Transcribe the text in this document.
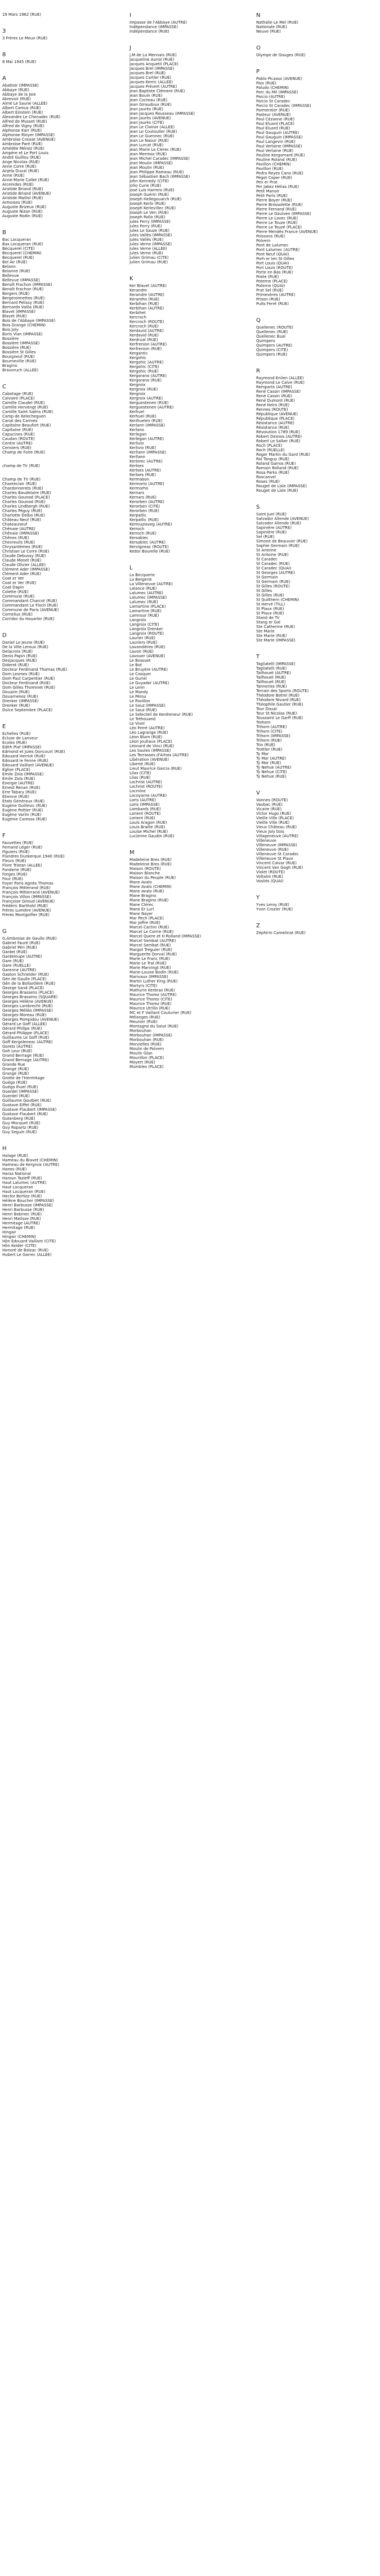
19 Mars 1962 (RUE)
3
3 Frères Le Meux (RUE)
8
8 Mai 1945 (RUE)
A
Abattoir (IMPASSE)
Abbaye (RUE)
Abbaye de la Joie
Abrevoir (RUE)
Aimé Le Saune (ALLÉE)
Albert Camus (RUE)
Albert Einstein (RUE)
Alexandre Le Chenadec (RUE)
Alfred de Musset (RUE)
Alfred de Vigny (RUE)
Alphonse Karr (RUE)
Alphonse Rioyer (IMPASSE)
Ambroise Croizat (AVENUE)
Ambroise Paré (RUE)
Amédée Ménez (RUE)
Ampère et Le Port Louis
André Guillou (RUE)
Ange Nicolas (RUE)
Anne Corre (RUE)
Anjela Duval (RUE)
Anne (RUE)
Anne-Marie Collet (RUE)
Arcenides (RUE)
Aristide Briand (RUE)
Aristide Briand (AVENUE)
Aristide Maillol (RUE)
Armoises (RUE)
Auguste Brizeux (RUE)
Auguste Nizan (RUE)
Auguste Rodin (RUE)
B
Bac Locqueran
Bas Locqueran (RUE)
Bécquerel (CITÉ)
Becquerel (CHEMIN)
Becquerel (RUE)
Bel Air (RUE)
Belann
Belanne (RUE)
Bellevue
Bellevue (IMPASSE)
Benoît Frachon (IMPASSE)
Benoît Frachon (RUE)
Bergers (RUE)
Bergeronnettes (RUE)
Bernard Pelissy (RUE)
Bernardo Vallia (RUE)
Blavet (IMPASSE)
Blavet (RUE)
Bois de l'Abbaye (IMPASSE)
Bois Grange (CHEMIN)
Bois Joly
Boris Vian (IMPASSE)
Bossière
Bossière (IMPASSE)
Bossière (RUE)
Bossière St Gilles
Bourgneuf (RUE)
Bourneville (RUE)
Bragino
Bravoruch (ALLÉE)
C
Cabotage (RUE)
Calvaire (PLACE)
Camille Claudel (RUE)
Camille Hervengt (RUE)
Camille Saint Saëns (RUE)
Camp de Kelecheguen
Canal des Carmes
Capitaine Beaufort (RUE)
Capitaine (RUE)
Capucines (RUE)
Caudan (ROUTE)
Centre (AUTRE)
Cerisiers (RUE)
Champ de Foire (RUE)
champ de Tir (RUE)
Champ de Tir (RUE)
Chanteclair (RUE)
Chardonnerets (RUE)
Charles Baudelaire (RUE)
Charles Gounod (PLACE)
Charles Gounod (RUE)
Charles Lindbergh (RUE)
Charles Péguy (RUE)
Charlotte Delbo (RUE)
Château Neuf (RUE)
Chateauneuf
Chênaie (AUTRE)
Chênaie (IMPASSE)
Chênes (RUE)
Chevreuils (RUE)
Chrysantèmes (RUE)
Christian Le Corre (RUE)
Claude Debussy (RUE)
Claude Monet (RUE)
Claude Olivier (ALLÉE)
Clément Ader (IMPASSE)
Clément Ader (RUE)
Coat er Ver
Coat er Ver (RUE)
Coat Dapin
Colette (RUE)
Commune (RUE)
Commandant Charcot (RUE)
Commandant Le Floch (RUE)
Commune de Paris (AVENUE)
Cornelius (RUE)
Corridor du Houarler (RUE)
D
Daniel Le Jeune (RUE)
De la Ville Leroux (RUE)
Delacroix (RUE)
Denis Papin (RUE)
Desjacques (RUE)
Diderot (RUE)
Docteur Ferdinand Thomas (RUE)
Dom Lesmes (RUE)
Dom Paul Carpentier (RUE)
Docteur Ferdinand (RUE)
Dom Gilles Thominet (RUE)
Douaire (RUE)
Douarnenez (RUE)
Drenker (IMPASSE)
Drenker (RUE)
Dulce Septembre (PLACE)
E
Echelles (RUE)
Ecluse de Lanveur
Écoles (RUE)
Édith Piaf (IMPASSE)
Edmond et Jules Goncourt (RUE)
Édouard Herriot (RUE)
Édouard le Fenne (RUE)
Édouard Vaillant (AVENUE)
Église (PLACE)
Émile Zola (IMPASSE)
Émile Zola (RUE)
Énergie (AUTRE)
Ernest Renan (RUE)
Erre Tabary (RUE)
Étienne (RUE)
États Généraux (RUE)
Eugène Guillevic (RUE)
Eugène Pottier (RUE)
Eugène Varlin (RUE)
Eugénie Caressa (RUE)
F
Fauvettes (RUE)
Fernand Léger (RUE)
Figuiers (RUE)
Flandres Dunkerque 1940 (RUE)
Fleurs (RUE)
Flore Tristan (ALLÉE)
Fonderie (RUE)
Forges (RUE)
Four (RUE)
Foyer Paris Agnès Thomas
François Mitterand (RUE)
François Mitterrand (AVENUE)
François Villon (IMPASSE)
Françoise Giroud (AVENUE)
Frédéric Barthold (RUE)
Frères Lumière (AVENUE)
Frères Montgolfier (RUE)
G
G.Ambroise de Gaulle (RUE)
Gabriel Fauré (RUE)
Gabriel Péri (RUE)
Gardel (RUE)
Gardeloupe (AUTRE)
Gare (RUE)
Gare (RUELLE)
Garenne (AUTRE)
Gaston Schneider (RUE)
Gén de Gaulle (PLACE)
Gén de la Bollardière (RUE)
George Sand (PLACE)
Georges Brassens (PLACE)
Georges Brassens (SQUARE)
Georges Hélène (AVENUE)
Georges Lambrecht (RUE)
Georges Méliès (IMPASSE)
Georges Moreau (RUE)
Georges Pompidou (AVENUE)
Gérard Le Goff (ALLÉE)
Gérard Philipe (RUE)
Gérard Philippe (PLACE)
Guillaume Le Goff (RUE)
Goff Kergoleneac (AUTRE)
Gorets (AUTRE)
Goh Leur (RUE)
Grand Bernage (RUE)
Grand Bernage (AUTRE)
Grande Rue
Grange (RUE)
Grange (RUE)
Grotte de l'Hermitage
Guégo (RUE)
Guégo Ihuel (RUE)
Guerdel (IMPASSE)
Guerdel (RUE)
Guillaume Goutbet (RUE)
Gustave Eiffel (RUE)
Gustave Flaubert (IMPASSE)
Gustave Flaubert (RUE)
Gutenberg (RUE)
Guy Mocquet (RUE)
Guy Ropartz (RUE)
Guy Seguin (RUE)
H
Halage (RUE)
Hameau du Blavet (CHEMIN)
Hameau de Kergroix (AUTRE)
Hanes (RUE)
Haras National
Haroun Tazieff (RUE)
Haut Lalumec (AUTRE)
Haut Locqueran
Haut Locqueran (RUE)
Hector Berlioz (RUE)
Hélène Boucher (IMPASSE)
Henri Barbusse (IMPASSE)
Henri Barbusse (RUE)
Henri Bobinec (RUE)
Henri Matisse (RUE)
Hermitage (AUTRE)
Hermitage (RUE)
Hingair
Hingair (CHEMIN)
Hôn Édouard Vaillant (CITÉ)
Hôn Keider (CITÉ)
Honoré de Balzac (RUE)
Hubert Le Garrec (ALLÉE)
I
Impasse de l'Abbaye (AUTRE)
Indépendance (IMPASSE)
Indépendance (RUE)
J
J.M de La Mennais (RUE)
Jacqueline Auriol (RUE)
Jacques Anquetil (PLACE)
Jacques Brel (IMPASSE)
Jacques Brel (RUE)
Jacques Cartier (RUE)
Jacques Kerric (ALLÉE)
Jacques Prévert (AUTRE)
Jean Baptiste Clément (RUE)
Jean Bouin (RUE)
Jean Cocteau (RUE)
Jean Giraudoux (RUE)
Jean Jaurès (RUE)
Jean Jacques Rousseau (IMPASSE)
Jean Jaurès (AVENUE)
Jean Jaurès (CITÉ)
Jean Le Clainor (ALLÉE)
Jean Le Coutouller (RUE)
Jean Le Guennec (RUE)
Jean Le Naour (RUE)
Jean Lurcat (RUE)
Jean Marie Le Clerec (RUE)
Jean Mermoz (RUE)
Jean Michel Caradec (IMPASSE)
Jean Moulin (IMPASSE)
Jean Moulin (RUE)
Jean Philippe Rameau (RUE)
Jean Sébastien Bach (IMPASSE)
John Kennedy (CITÉ)
Jolio Curie (RUE)
José Luis Harrero (RUE)
Joseph Guérin (RUE)
Joseph Hellegouarch (RUE)
Joseph Kerlo (RUE)
Joseph Kerlevillec (RUE)
Joseph Le Ven (RUE)
Joseph Rollo (RUE)
Jules Ferry (IMPASSE)
Jules Ferry (RUE)
Jules Le Sauze (RUE)
Jules Vallès (IMPASSE)
Jules Vallès (RUE)
Jules Verne (IMPASSE)
Jules Verne (ALLÉE)
Jules Verne (RUE)
Julien Grimau (CITÉ)
Julien Grimau (RUE)
K
Ker Blavet (AUTRE)
Kerandre
Kerandre (AUTRE)
Kerantho (RUE)
Kerbihan (RUE)
Kerbihan (AUTRE)
Kerbihet
Kercroch
Kercroch (ROUTE)
Kercroch (RUE)
Kerdavid (AUTRE)
Kerdavid (RUE)
Kerdrual (RUE)
Kerfrenion (AUTRE)
Kerfrenion (RUE)
Kergantic
Kergohic
Kergohic (AUTRE)
Kergohic (CITÉ)
Kergohic (RUE)
Kergorano (AUTRE)
Kergorano (RUE)
Kergroix
Kergroix (RUE)
Kergroix
Kergroix (AUTRE)
Kerguestenen (RUE)
Kerguestenen (AUTRE)
Kerhuel
Kerhuel (RUE)
Kerihuelen (RUE)
Kerlann (IMPASSE)
Kerlano
Kerlegan
Kerlegan (AUTRE)
Kerlivio
Kerlivio (RUE)
Kerllann (IMPASSE)
Kerllann
Kerlorec (AUTRE)
Kerloes
Kerloes (AUTRE)
Kerloes (RUE)
Kermabon
Kermorio (AUTRE)
Kermorho
Kernars
Kernars (RUE)
Kerorben (AUTRE)
Kerorben (CITÉ)
Kerorben (RUE)
Kerpatlic
Kerpatlic (RUE)
Kerrouziaveg (AUTRE)
Kerroch
Kerroch (RUE)
Kersabiec
Kersabiec (AUTRE)
Kervigneac (ROUTE)
Kedor Bourelle (RUE)
L
La Becquerie
La Bergerie
La Villeneuve (AUTRE)
Lalance (RUE)
Lalumec (AUTRE)
Lalumec (IMPASSE)
Lalumec (RUE)
Lamartine (PLACE)
Lamartine (RUE)
Lamnour (RUE)
Langroix
Langroix (CITÉ)
Langroix Drenker
Langroix (ROUTE)
Laurier (RUE)
Lauriers (RUE)
Lavandières (RUE)
Lavoir (RUE)
Lavouer (AVENUE)
Le Bossuet
Le Bot
Le Bruyère (AUTRE)
Le Cosquer
Le Guriel
Le Guyader (AUTRE)
Le Lenn
Le Mandy
Le Pérou
Le Pavillon
Le Sauz (IMPASSE)
Le Sauz (RUE)
Le Selecteil de Kerdreneur (RUE)
Le Tréhouand
Le Vivel
Léo Ferré (AUTRE)
Léo Lagrange (RUE)
Léon Blum (RUE)
Léon Jouhaux (PLACE)
Léonard de Vinci (RUE)
Les Saules (IMPASSE)
Les Terrasses d'Artois (AUTRE)
Libération (AVENUE)
Liberté (RUE)
Lieut Maurice Garcia (RUE)
Lilas (CITÉ)
Lilas (RUE)
Lochrist (AUTRE)
Lochrist (ROUTE)
Locmine
Locoyarne (AUTRE)
Loris (AUTRE)
Loris (IMPASSE)
Lombards (RUE)
Lorient (ROUTE)
Lorient (RUE)
Louis Aragon (RUE)
Louis Braille (RUE)
Louise Michel (RUE)
Lucienne Gaudin (RUE)
M
Madeleine Bres (RUE)
Madeleine Bres (RUE)
Maison (ROUTE)
Maison Blanche
Maison du Peuple (RUE)
Mane Avalo
Mane Avalo (CHEMIN)
Mane Avalo (RUE)
Mane Bragino
Mane Bragino (RUE)
Mane Clérec
Mane Er Lurl
Mane Nayer
Mar Pech (PLACE)
Mar Joffre (RUE)
Marcel Cachin (RUE)
Marcel Le Corrre (RUE)
Marcel Quere et H Rolland (IMPASSE)
Marcel Sembat (AUTRE)
Marcel Sembat (RUE)
Margot Tréguier (RUE)
Marguerite Dorval (RUE)
Marie Le Franc (RUE)
Marie Le Tral (RUE)
Marie Marvingt (RUE)
Marie-Louise Bodin (RUE)
Marivaux (IMPASSE)
Martin Luther King (RUE)
Martyrs (CITÉ)
Mathurin Kerbras (RUE)
Maurice Thorez (AUTRE)
Maurice Thorez (CITÉ)
Maurice Thorez (RUE)
Maurice Utrillo (RUE)
MC et F Vaillant Couturier (RUE)
Mélanges (RUE)
Meunier (RUE)
Montagne du Salut (RUE)
Morbouhan
Morbouhan (IMPASSE)
Morbouhan (RUE)
Morvielles (RUE)
Moulin de Polvern
Moulin Glan
Mourillon (PLACE)
Moyert (RUE)
Mumbles (PLACE)
N
Nathalie Le Mel (RUE)
Nationale (RUE)
Neuve (RUE)
O
Olympe de Gouges (RUE)
P
Pablo Picasso (AVENUE)
Paix (RUE)
Paludo (CHEMIN)
Parc du Mil (IMPASSE)
Parcio (AUTRE)
Parcio St Caradec
Parcio St Caradec (IMPASSE)
Parmentier (RUE)
Pasteur (AVENUE)
Paul Cézanne (RUE)
Paul Eluard (PLACE)
Paul Eluard (RUE)
Paul Gauguin (AUTRE)
Paul Gauguin (IMPASSE)
Paul Langevin (RUE)
Paul Verlaine (IMPASSE)
Paul Verlaine (RUE)
Pauline Kergomard (RUE)
Pauline Roland (RUE)
Pavillon (CHEMIN)
Pavillon (RUE)
Pedro Reyes Cano (RUE)
Pégot Coper (RUE)
Pen er Prat
Per Jakez Hélias (RUE)
Petit Manoir
Petit Paris (RUE)
Pierre Boyer (RUE)
Pierre Brossolette (RUE)
Pierre Fernand (RUE)
Pierre Le Goulven (IMPASSE)
Pierre Le Lavec (RUE)
Pierre Le Touze (RUE)
Pierre Le Touzé (PLACE)
Pierre Mendès France (AVENUE)
Poissons (RUE)
Polvern
Pont de Lalumec
Pont Lalumec (AUTRE)
Pont Neuf (QUAI)
Porh er Ien St Gilles
Port Louis (QUAI)
Port Louis (ROUTE)
Porte en Bas (RUE)
Poste (RUE)
Poterne (PLACE)
Poterne (QUAI)
Prat Sel (RUE)
Primevères (AUTRE)
Prison (RUE)
Puits Ferré (RUE)
Q
Quellenec (ROUTE)
Quellenec (RUE)
Quellenec Bual
Quimpers
Quimpers (AUTRE)
Quimpers (CITÉ)
Quimpers (RUE)
R
Raymond Eniien (ALLÉE)
Raymond Le Calve (RUE)
Remparts (AUTRE)
René Cassin (IMPASSE)
René Cassin (RUE)
René Dumont (RUE)
René Heirs (RUE)
Rennes (ROUTE)
République (AVENUE)
République (PLACE)
Résistance (AUTRE)
Résistance (RUE)
Révolution 1789 (RUE)
Robert Desnos (AUTRE)
Robert Le Salker (RUE)
Roch (PLACE)
Roch (RUELLE)
Roger Martin du Gard (RUE)
Rol Tanguy (RUE)
Roland Garros (RUE)
Romain Rolland (RUE)
Rosa Parks (RUE)
Roscanvel
Roses (RUE)
Rouget de Lisle (IMPASSE)
Rouget de Lisle (RUE)
S
Saint Juel (RUE)
Salvador Allende (AVENUE)
Salvador Allende (RUE)
Sapinière (AUTRE)
Sapinière (RUE)
Sel (RUE)
Simone de Beauvoir (RUE)
Sophie Germain (RUE)
St Antoine
St Antoine (RUE)
St Caradec
St Caradec (RUE)
St Caradec (QUAI)
St Georges (AUTRE)
St Germain
St Germain (RUE)
St Gilles (ROUTE)
St Gilles
St Gilles (RUE)
St Guilthern (CHEMIN)
St Hervé (TILL)
St Piaux (RUE)
St Piaux (RUE)
Stand de Tir
Stang er Gal
Ste Catherine (RUE)
Ste Marie
Ste Marie (RUE)
Ste Marie (IMPASSE)
T
Tagliatelli (IMPASSE)
Tagliatelli (RUE)
Tailhouet (AUTRE)
Tailhouet (RUE)
Tallhouet (RUE)
Tanneries (RUE)
Terrain des Sports (ROUTE)
Théodore Botrel (RUE)
Théodore Nivard (RUE)
Théophile Gautier (RUE)
Tour Douar
Tour St Nicolas (RUE)
Toussaint Le Garff (RUE)
Trehorn
Trihorn (AUTRE)
Trihorn (CITÉ)
Trihorn (IMPASSE)
Trihorn (RUE)
Trio (RUE)
Trottler (RUE)
Ty Mor
Ty Mor (AUTRE)
Ty Mor (RUE)
Ty Nehue (AUTRE)
Ty Nehue (CITÉ)
Ty Nehue (RUE)
V
Vannes (ROUTE)
Vaubac (RUE)
Vicaire (RUE)
Victor Hugo (RUE)
Vieille Ville (PLACE)
Vieille Ville (RUE)
Vieux Château (RUE)
Vieux Joly bois
Villageneuve (AUTRE)
Villeneuve
Villeneuve (IMPASSE)
Villeneuve (RUE)
Villeneuve St Caradec
Villeneuve St Piaux
Vincent Calvar (RUE)
Vincent Van Gogh (RUE)
Violet (ROUTE)
Voltaire (RUE)
Vosliés (QUAI)
Y
Yves Leroy (RUE)
Yvon Crozier (RUE)
Z
Zéphirin Camelinat (RUE)
